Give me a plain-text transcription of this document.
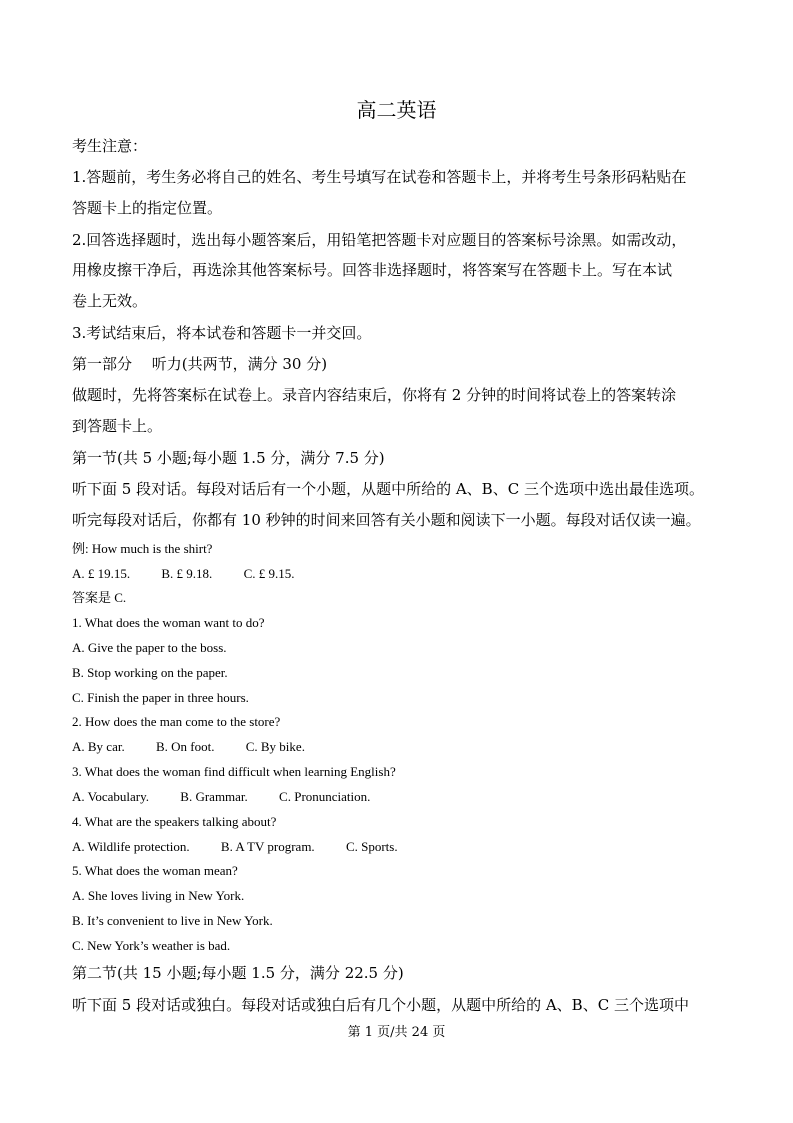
高二英语
考生注意：
1.答题前，考生务必将自己的姓名、考生号填写在试卷和答题卡上，并将考生号条形码粘贴在
答题卡上的指定位置。
2.回答选择题时，选出每小题答案后，用铅笔把答题卡对应题目的答案标号涂黑。如需改动，
用橡皮擦干净后，再选涂其他答案标号。回答非选择题时，将答案写在答题卡上。写在本试
卷上无效。
3.考试结束后，将本试卷和答题卡一并交回。
第一部分　 听力(共两节，满分 30 分)
做题时，先将答案标在试卷上。录音内容结束后，你将有 2 分钟的时间将试卷上的答案转涂
到答题卡上。
第一节(共 5 小题;每小题 1.5 分，满分 7.5 分)
听下面 5 段对话。每段对话后有一个小题，从题中所给的 A、B、C 三个选项中选出最佳选项。
听完每段对话后，你都有 10 秒钟的时间来回答有关小题和阅读下一小题。每段对话仅读一遍。
例: How much is the shirt?
A. £ 19.15. B. £ 9.18. C. £ 9.15.
答案是 C.
1. What does the woman want to do?
A. Give the paper to the boss.
B. Stop working on the paper.
C. Finish the paper in three hours.
2. How does the man come to the store?
A. By car. B. On foot. C. By bike.
3. What does the woman find difficult when learning English?
A. Vocabulary. B. Grammar. C. Pronunciation.
4. What are the speakers talking about?
A. Wildlife protection. B. A TV program. C. Sports.
5. What does the woman mean?
A. She loves living in New York.
B. It’s convenient to live in New York.
C. New York’s weather is bad.
第二节(共 15 小题;每小题 1.5 分，满分 22.5 分)
听下面 5 段对话或独白。每段对话或独白后有几个小题，从题中所给的 A、B、C 三个选项中
第 1 页/共 24 页
